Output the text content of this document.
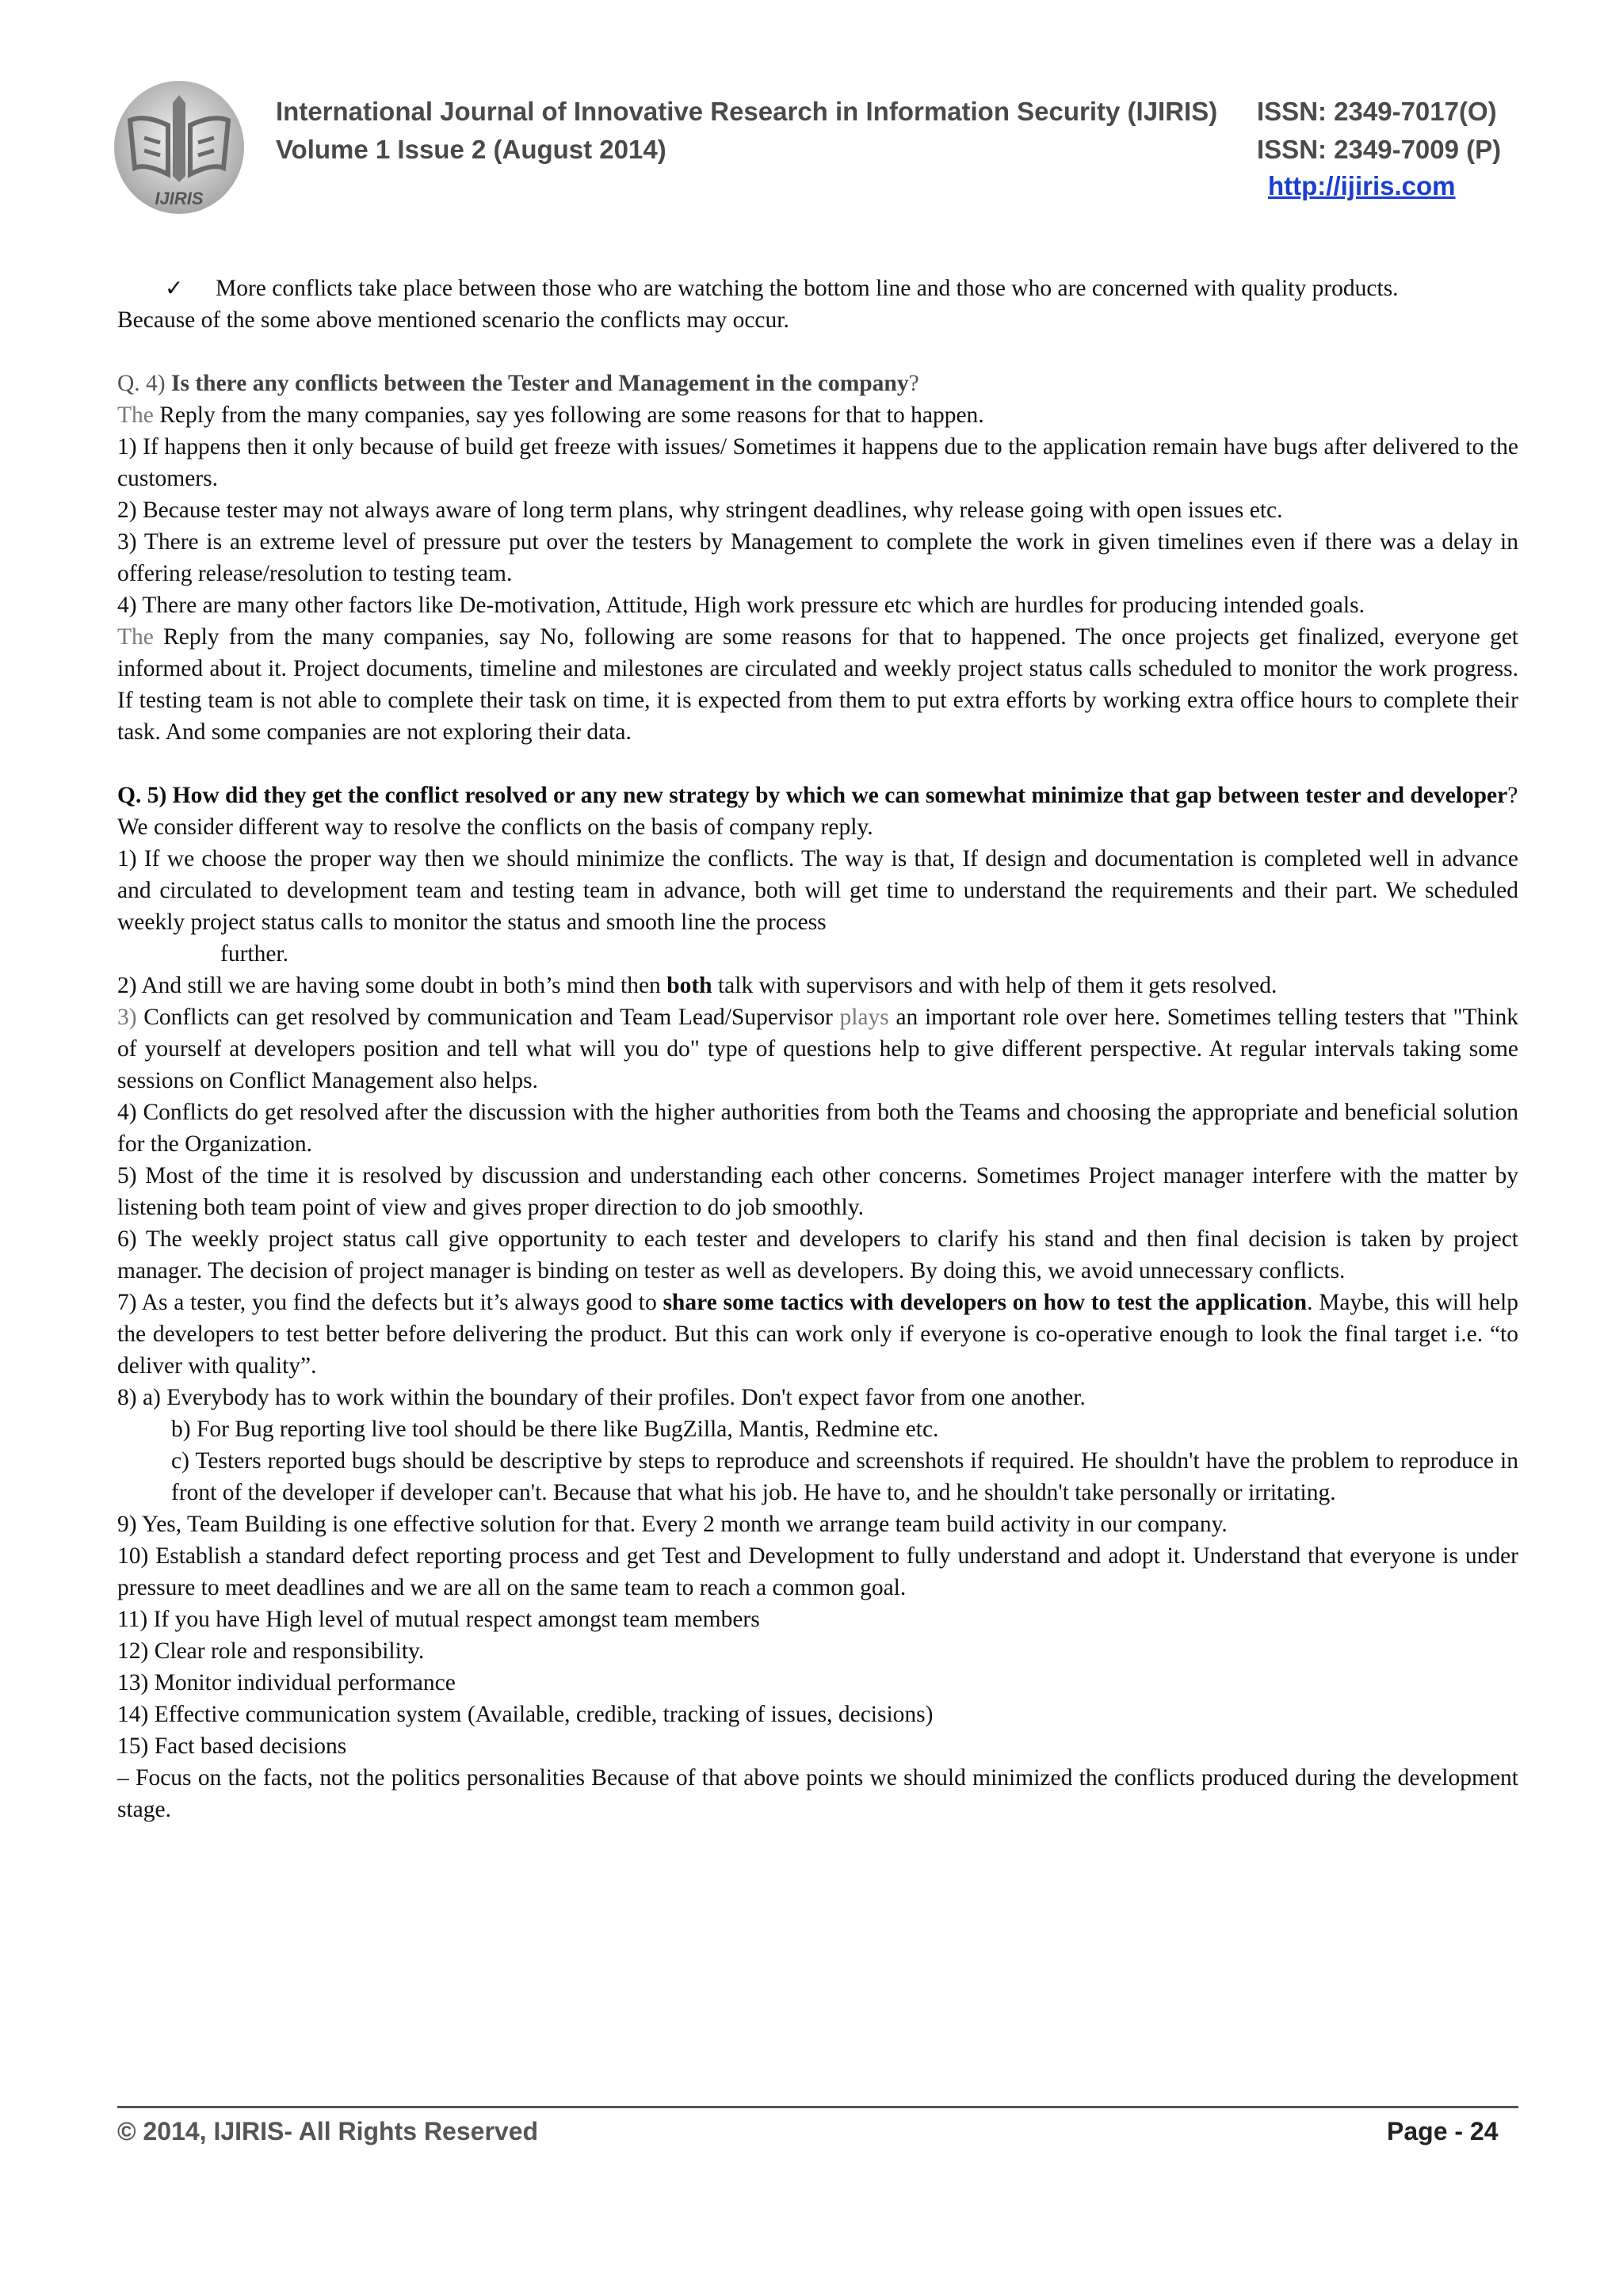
IJIRIS
International Journal of Innovative Research in Information Security (IJIRIS)
Volume 1 Issue 2 (August 2014)
ISSN: 2349-7017(O)
ISSN: 2349-7009 (P)
http://ijiris.com
✓	More conflicts take place between those who are watching the bottom line and those who are concerned with quality products.

Because of the some above mentioned scenario the conflicts may occur.

Q. 4) Is there any conflicts between the Tester and Management in the company?

The Reply from the many companies, say yes following are some reasons for that to happen.

1) If happens then it only because of build get freeze with issues/ Sometimes it happens due to the application remain have bugs after delivered to the customers.

2) Because tester may not always aware of long term plans, why stringent deadlines, why release going with open issues etc.

3) There is an extreme level of pressure put over the testers by Management to complete the work in given timelines even if there was a delay in offering release/resolution to testing team.

4) There are many other factors like De-motivation, Attitude, High work pressure etc which are hurdles for producing intended goals.

The Reply from the many companies, say No, following are some reasons for that to happened. The once projects get finalized, everyone get informed about it. Project documents, timeline and milestones are circulated and weekly project status calls scheduled to monitor the work progress. If testing team is not able to complete their task on time, it is expected from them to put extra efforts by working extra office hours to complete their task. And some companies are not exploring their data.

Q. 5) How did they get the conflict resolved or any new strategy by which we can somewhat minimize that gap between tester and developer?

We consider different way to resolve the conflicts on the basis of company reply.

1) If we choose the proper way then we should minimize the conflicts. The way is that, If design and documentation is completed well in advance and circulated to development team and testing team in advance, both will get time to understand the requirements and their part. We scheduled weekly project status calls to monitor the status and smooth line the process

further.

2) And still we are having some doubt in both’s mind then both talk with supervisors and with help of them it gets resolved.

3) Conflicts can get resolved by communication and Team Lead/Supervisor plays an important role over here. Sometimes telling testers that "Think of yourself at developers position and tell what will you do" type of questions help to give different perspective. At regular intervals taking some sessions on Conflict Management also helps.

4) Conflicts do get resolved after the discussion with the higher authorities from both the Teams and choosing the appropriate and beneficial solution for the Organization.

5) Most of the time it is resolved by discussion and understanding each other concerns. Sometimes Project manager interfere with the matter by listening both team point of view and gives proper direction to do job smoothly.

6) The weekly project status call give opportunity to each tester and developers to clarify his stand and then final decision is taken by project manager. The decision of project manager is binding on tester as well as developers. By doing this, we avoid unnecessary conflicts.

7) As a tester, you find the defects but it’s always good to share some tactics with developers on how to test the application. Maybe, this will help the developers to test better before delivering the product. But this can work only if everyone is co-operative enough to look the final target i.e. “to deliver with quality”.

8) a) Everybody has to work within the boundary of their profiles. Don't expect favor from one another.

b) For Bug reporting live tool should be there like BugZilla, Mantis, Redmine etc.

c) Testers reported bugs should be descriptive by steps to reproduce and screenshots if required. He shouldn't have the problem to reproduce in front of the developer if developer can't. Because that what his job. He have to, and he shouldn't take personally or irritating.

9) Yes, Team Building is one effective solution for that. Every 2 month we arrange team build activity in our company.

10) Establish a standard defect reporting process and get Test and Development to fully understand and adopt it. Understand that everyone is under pressure to meet deadlines and we are all on the same team to reach a common goal.

11) If you have High level of mutual respect amongst team members

12) Clear role and responsibility.

13) Monitor individual performance

14) Effective communication system (Available, credible, tracking of issues, decisions)

15) Fact based decisions

– Focus on the facts, not the politics personalities Because of that above points we should minimized the conflicts produced during the development stage.

© 2014, IJIRIS- All Rights Reserved	Page - 24
